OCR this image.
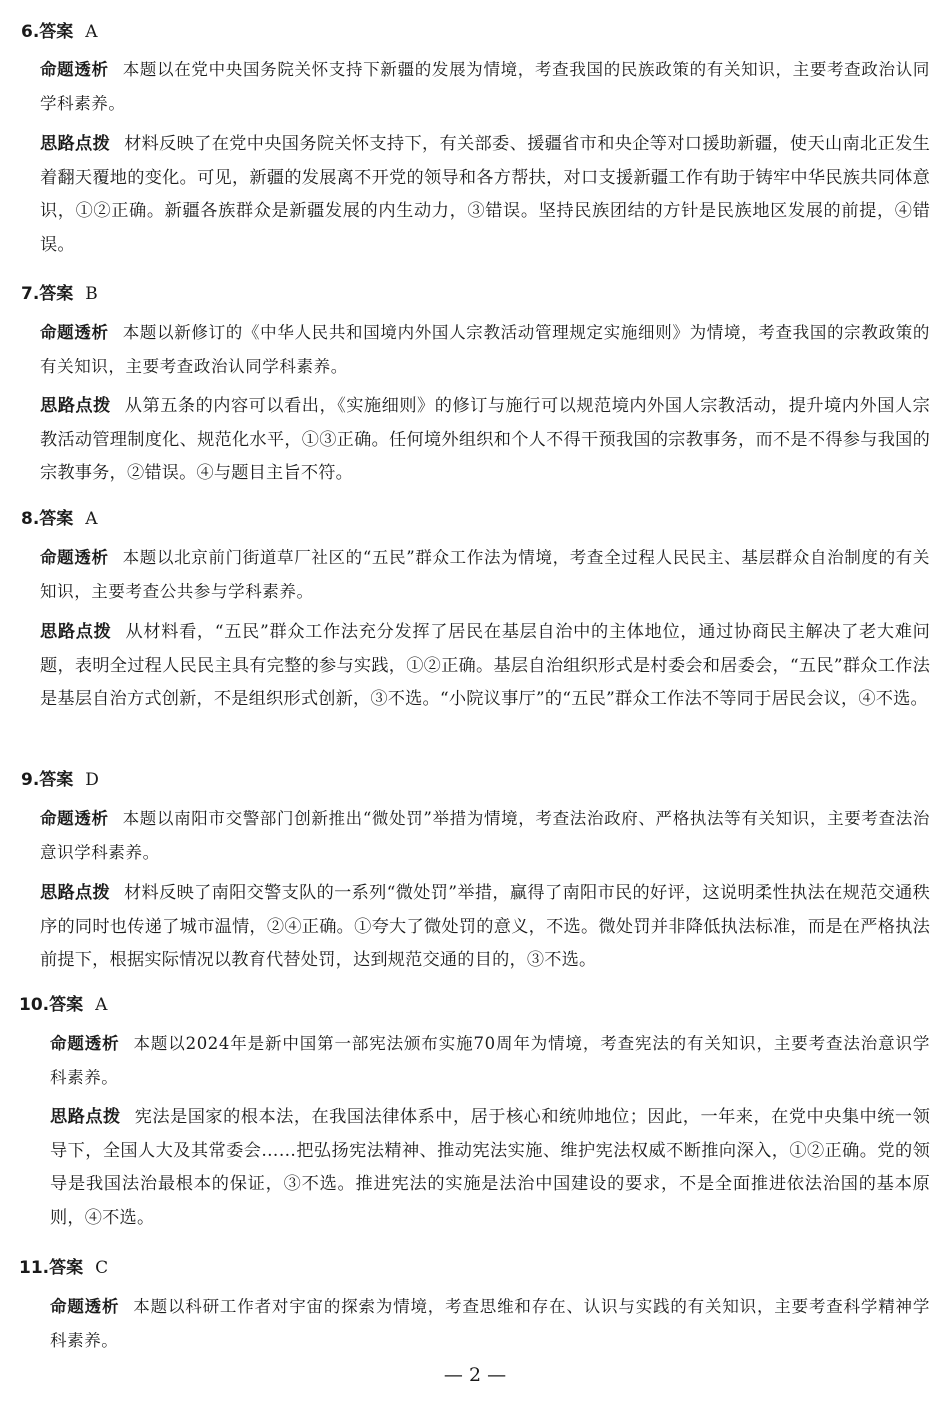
6.答案 A
命题透析 本题以在党中央国务院关怀支持下新疆的发展为情境，考查我国的民族政策的有关知识，主要考查政治认同学科素养。
思路点拨 材料反映了在党中央国务院关怀支持下，有关部委、援疆省市和央企等对口援助新疆，使天山南北正发生着翻天覆地的变化。可见，新疆的发展离不开党的领导和各方帮扶，对口支援新疆工作有助于铸牢中华民族共同体意识，①②正确。新疆各族群众是新疆发展的内生动力，③错误。坚持民族团结的方针是民族地区发展的前提，④错误。
7.答案 B
命题透析 本题以新修订的《中华人民共和国境内外国人宗教活动管理规定实施细则》为情境，考查我国的宗教政策的有关知识，主要考查政治认同学科素养。
思路点拨 从第五条的内容可以看出，《实施细则》的修订与施行可以规范境内外国人宗教活动，提升境内外国人宗教活动管理制度化、规范化水平，①③正确。任何境外组织和个人不得干预我国的宗教事务，而不是不得参与我国的宗教事务，②错误。④与题目主旨不符。
8.答案 A
命题透析 本题以北京前门街道草厂社区的“五民”群众工作法为情境，考查全过程人民民主、基层群众自治制度的有关知识，主要考查公共参与学科素养。
思路点拨 从材料看，“五民”群众工作法充分发挥了居民在基层自治中的主体地位，通过协商民主解决了老大难问题，表明全过程人民民主具有完整的参与实践，①②正确。基层自治组织形式是村委会和居委会，“五民”群众工作法是基层自治方式创新，不是组织形式创新，③不选。“小院议事厅”的“五民”群众工作法不等同于居民会议，④不选。
9.答案 D
命题透析 本题以南阳市交警部门创新推出“微处罚”举措为情境，考查法治政府、严格执法等有关知识，主要考查法治意识学科素养。
思路点拨 材料反映了南阳交警支队的一系列“微处罚”举措，赢得了南阳市民的好评，这说明柔性执法在规范交通秩序的同时也传递了城市温情，②④正确。①夸大了微处罚的意义，不选。微处罚并非降低执法标准，而是在严格执法前提下，根据实际情况以教育代替处罚，达到规范交通的目的，③不选。
10.答案 A
命题透析 本题以2024年是新中国第一部宪法颁布实施70周年为情境，考查宪法的有关知识，主要考查法治意识学科素养。
思路点拨 宪法是国家的根本法，在我国法律体系中，居于核心和统帅地位；因此，一年来，在党中央集中统一领导下，全国人大及其常委会……把弘扬宪法精神、推动宪法实施、维护宪法权威不断推向深入，①②正确。党的领导是我国法治最根本的保证，③不选。推进宪法的实施是法治中国建设的要求，不是全面推进依法治国的基本原则，④不选。
11.答案 C
命题透析 本题以科研工作者对宇宙的探索为情境，考查思维和存在、认识与实践的有关知识，主要考查科学精神学科素养。
— 2 —
